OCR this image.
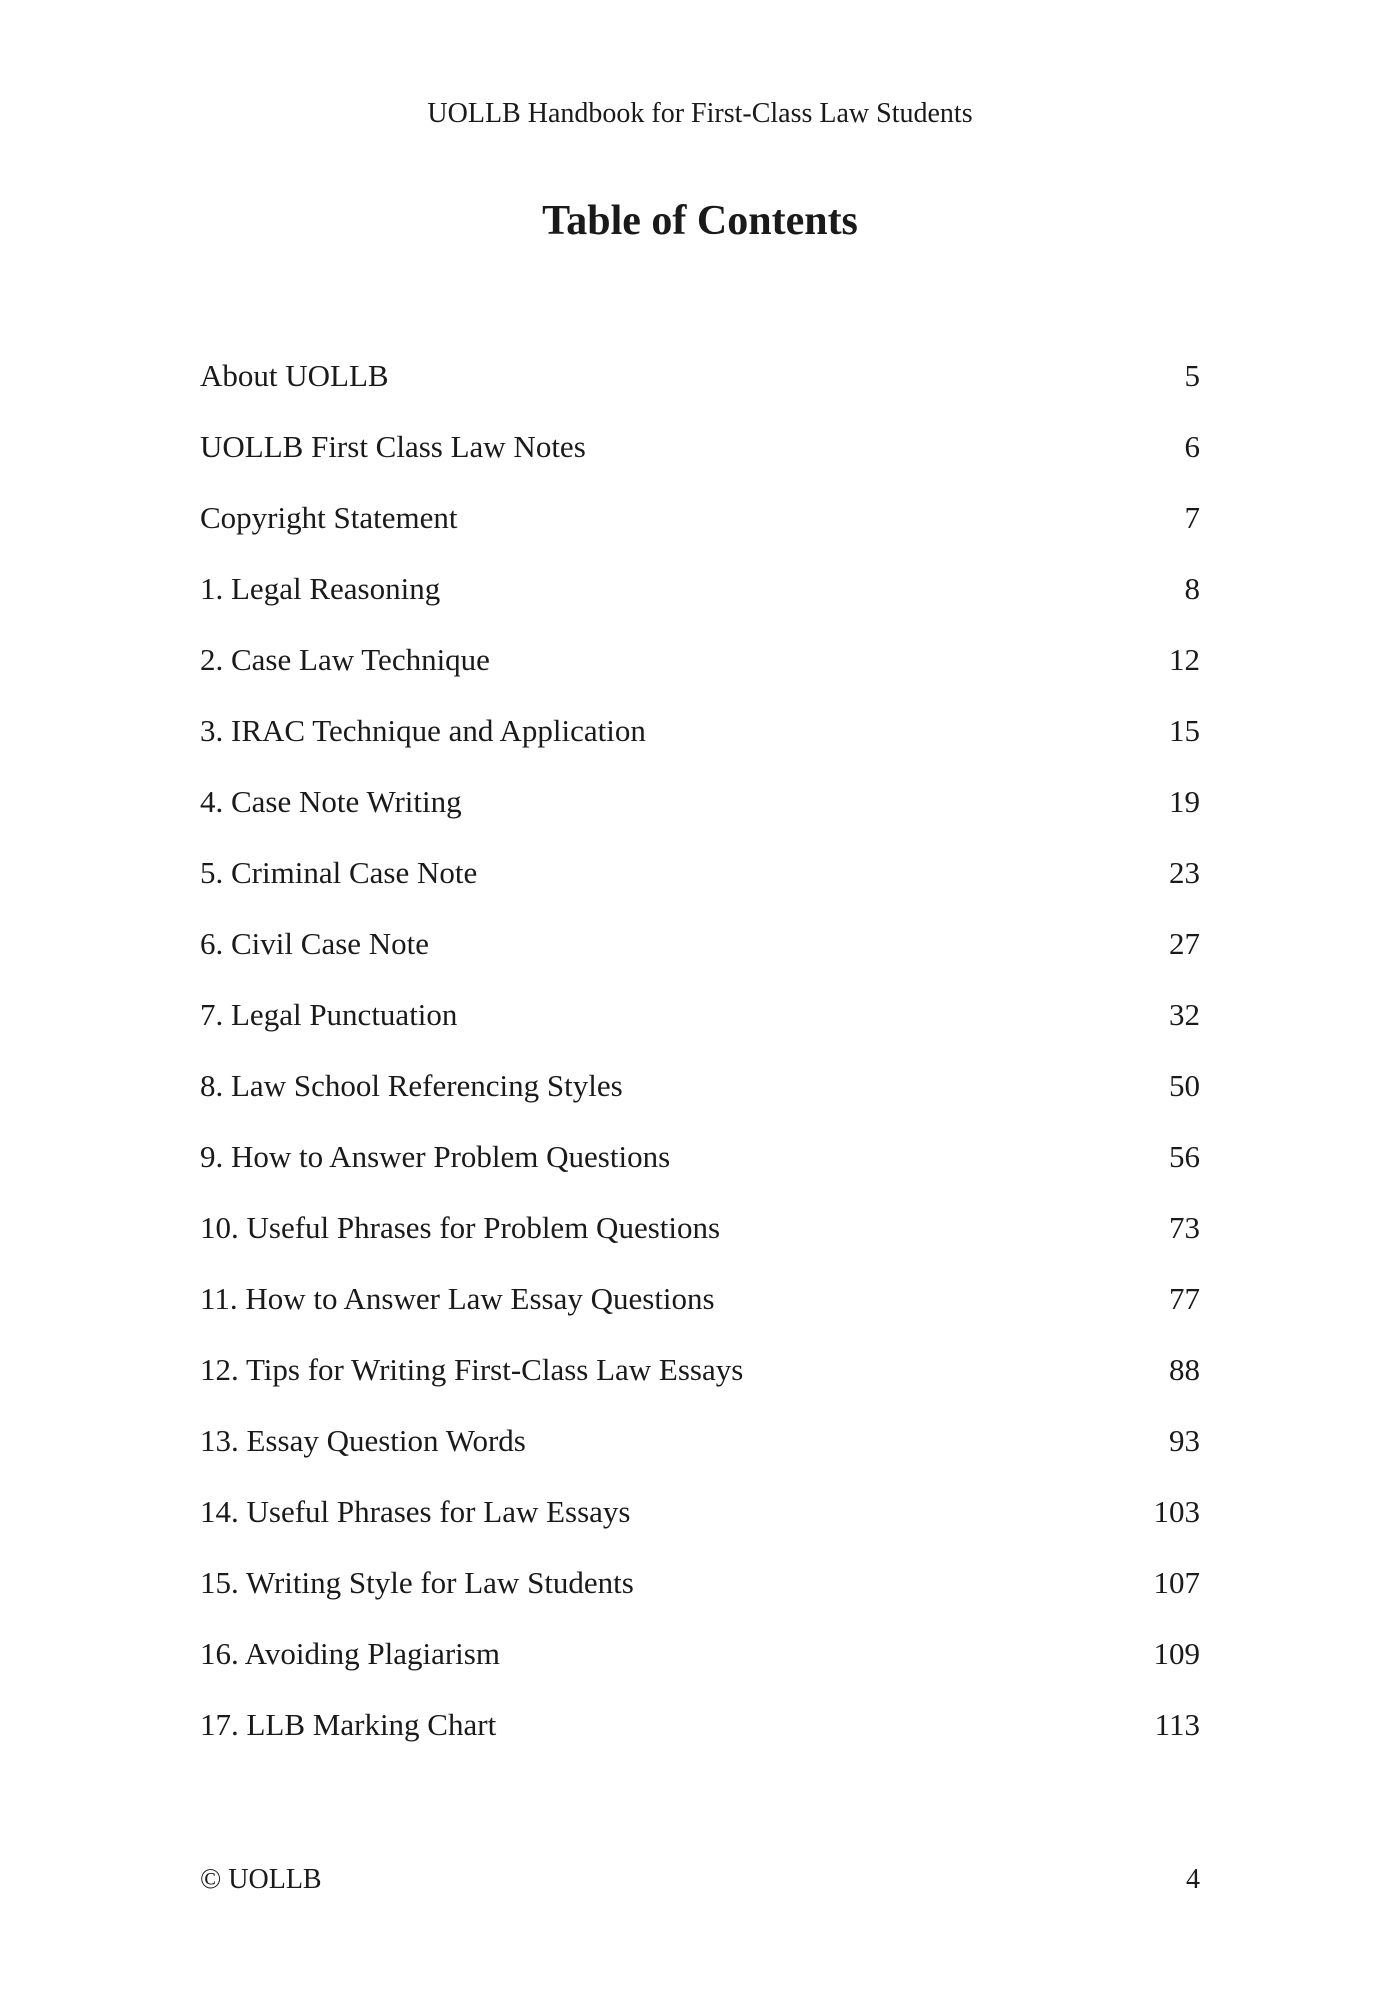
UOLLB Handbook for First-Class Law Students
Table of Contents
About UOLLB	5
UOLLB First Class Law Notes	6
Copyright Statement	7
1. Legal Reasoning	8
2. Case Law Technique	12
3. IRAC Technique and Application	15
4. Case Note Writing	19
5. Criminal Case Note	23
6. Civil Case Note	27
7. Legal Punctuation	32
8. Law School Referencing Styles	50
9. How to Answer Problem Questions	56
10. Useful Phrases for Problem Questions	73
11. How to Answer Law Essay Questions	77
12. Tips for Writing First-Class Law Essays	88
13. Essay Question Words	93
14. Useful Phrases for Law Essays	103
15. Writing Style for Law Students	107
16. Avoiding Plagiarism	109
17. LLB Marking Chart	113
© UOLLB	4
